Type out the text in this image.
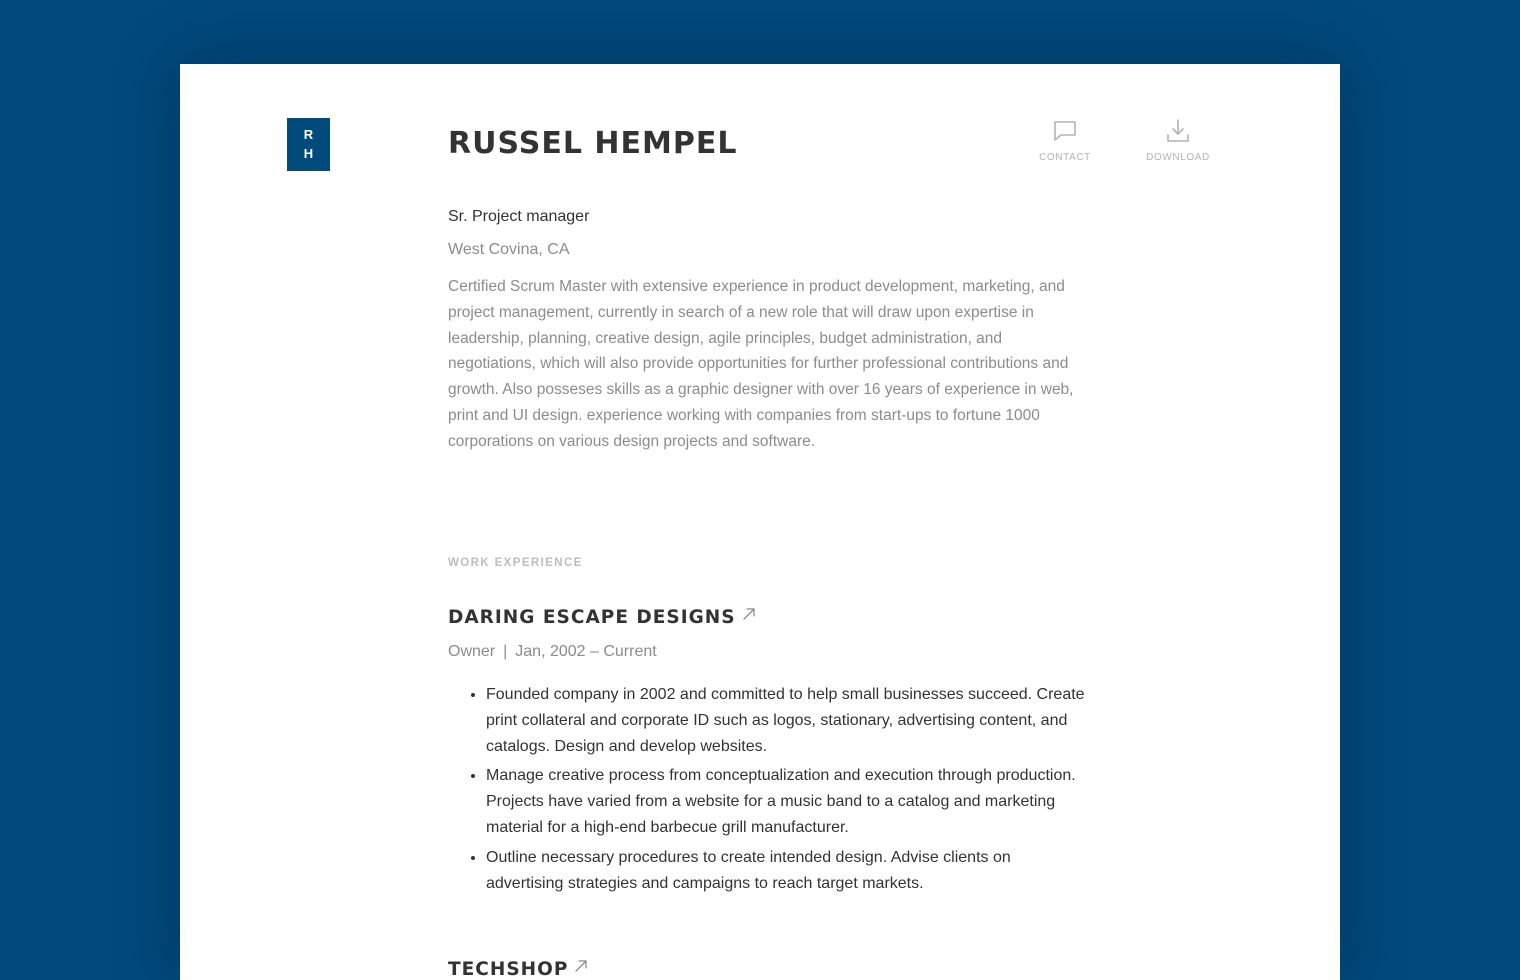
R
H	RUSSEL HEMPEL	CONTACT	DOWNLOAD
Sr. Project manager
West Covina, CA

Certified Scrum Master with extensive experience in product development, marketing, and project management, currently in search of a new role that will draw upon expertise in leadership, planning, creative design, agile principles, budget administration, and negotiations, which will also provide opportunities for further professional contributions and growth. Also posseses skills as a graphic designer with over 16 years of experience in web, print and UI design. experience working with companies from start-ups to fortune 1000 corporations on various design projects and software.

WORK EXPERIENCE
DARING ESCAPE DESIGNS
Owner | Jan, 2002 – Current
• Founded company in 2002 and committed to help small businesses succeed. Create print collateral and corporate ID such as logos, stationary, advertising content, and catalogs. Design and develop websites.
• Manage creative process from conceptualization and execution through production. Projects have varied from a website for a music band to a catalog and marketing material for a high-end barbecue grill manufacturer.
• Outline necessary procedures to create intended design. Advise clients on advertising strategies and campaigns to reach target markets.
TECHSHOP
